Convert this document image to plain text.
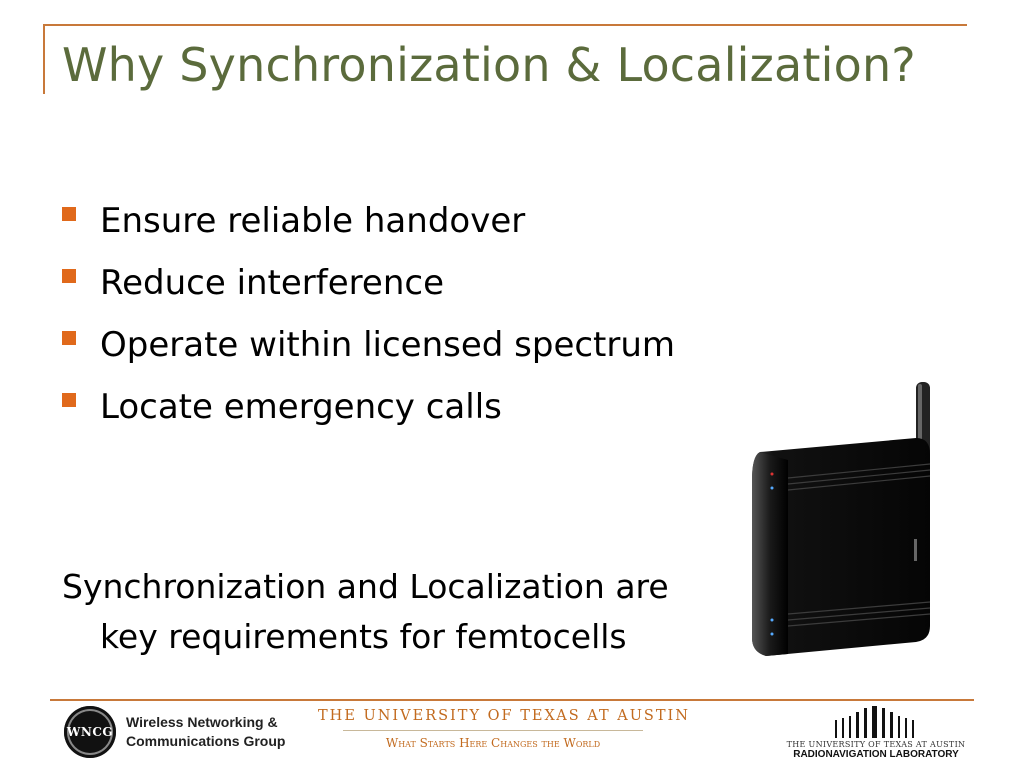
Why Synchronization & Localization?
Ensure reliable handover
Reduce interference
Operate within licensed spectrum
Locate emergency calls
Synchronization and Localization are
key requirements for femtocells
WNCG
Wireless Networking &
Communications Group
THE UNIVERSITY OF TEXAS AT AUSTIN
What Starts Here Changes the World	THE UNIVERSITY OF TEXAS AT AUSTIN
RADIONAVIGATION LABORATORY
